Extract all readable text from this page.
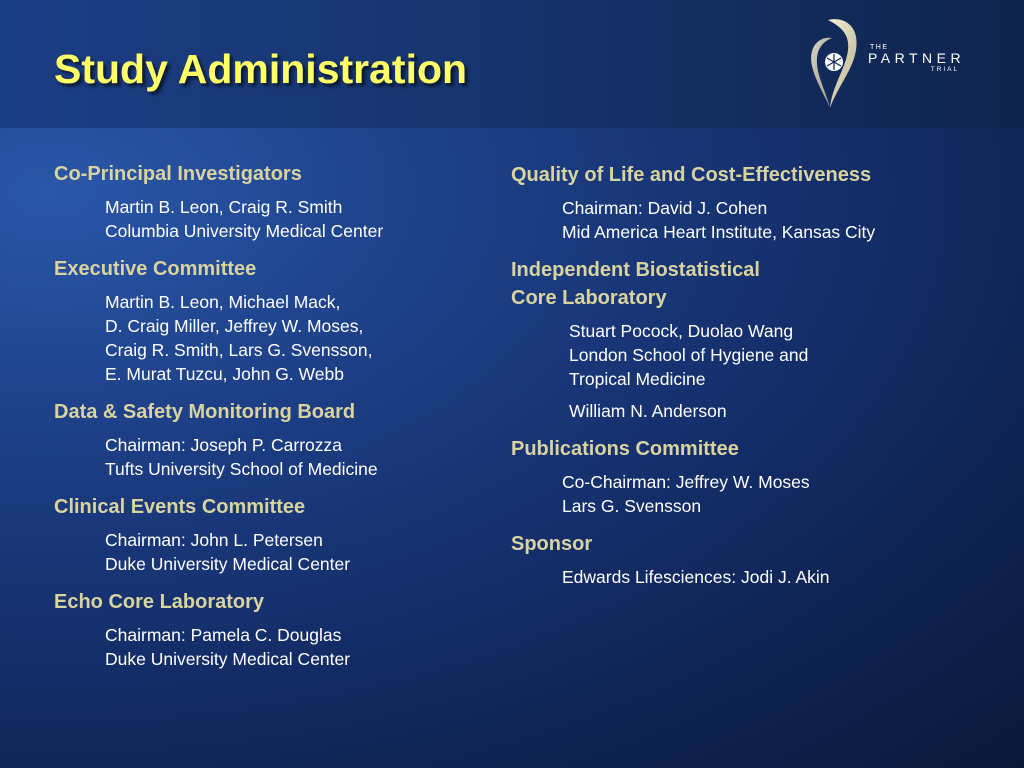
Study Administration	THE
PARTNER
TRIAL
Co-Principal Investigators
Martin B. Leon, Craig R. Smith
Columbia University Medical Center
Executive Committee
Martin B. Leon, Michael Mack,
D. Craig Miller, Jeffrey W. Moses,
Craig R. Smith, Lars G. Svensson,
E. Murat Tuzcu, John G. Webb
Data & Safety Monitoring Board
Chairman: Joseph P. Carrozza
Tufts University School of Medicine
Clinical Events Committee
Chairman: John L. Petersen
Duke University Medical Center
Echo Core Laboratory
Chairman: Pamela C. Douglas
Duke University Medical Center
Quality of Life and Cost-Effectiveness
Chairman: David J. Cohen
Mid America Heart Institute, Kansas City
Independent Biostatistical
Core Laboratory
Stuart Pocock, Duolao Wang
London School of Hygiene and
Tropical Medicine
William N. Anderson
Publications Committee
Co-Chairman: Jeffrey W. Moses
Lars G. Svensson
Sponsor
Edwards Lifesciences: Jodi J. Akin
